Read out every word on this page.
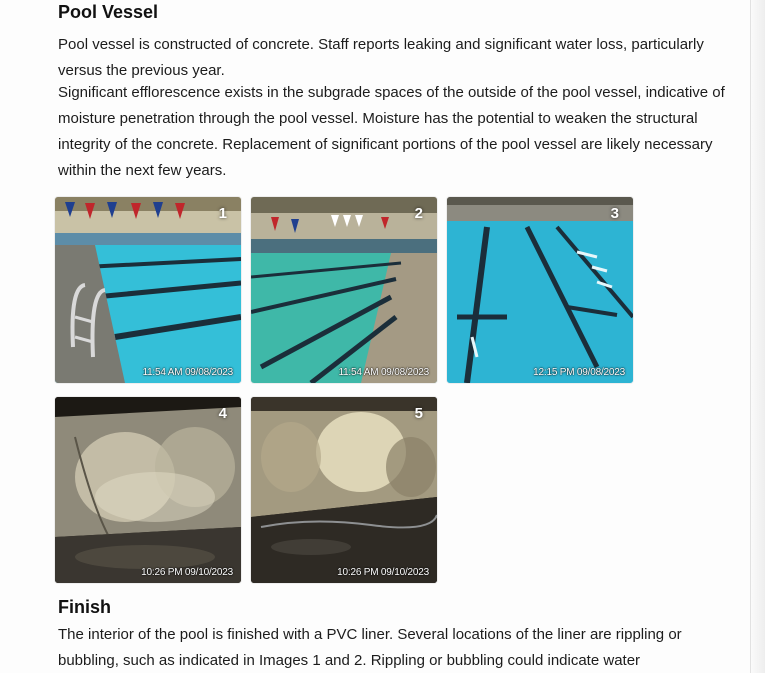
Pool Vessel

Pool vessel is constructed of concrete. Staff reports leaking and significant water loss, particularly versus the previous year.

Significant efflorescence exists in the subgrade spaces of the outside of the pool vessel, indicative of moisture penetration through the pool vessel. Moisture has the potential to weaken the structural integrity of the concrete. Replacement of significant portions of the pool vessel are likely necessary within the next few years.

1
11:54 AM 09/08/2023
2
11:54 AM 09/08/2023
3
12:15 PM 09/08/2023
4
10:26 PM 09/10/2023
5
10:26 PM 09/10/2023
Finish

The interior of the pool is finished with a PVC liner. Several locations of the liner are rippling or bubbling, such as indicated in Images 1 and 2. Rippling or bubbling could indicate water
